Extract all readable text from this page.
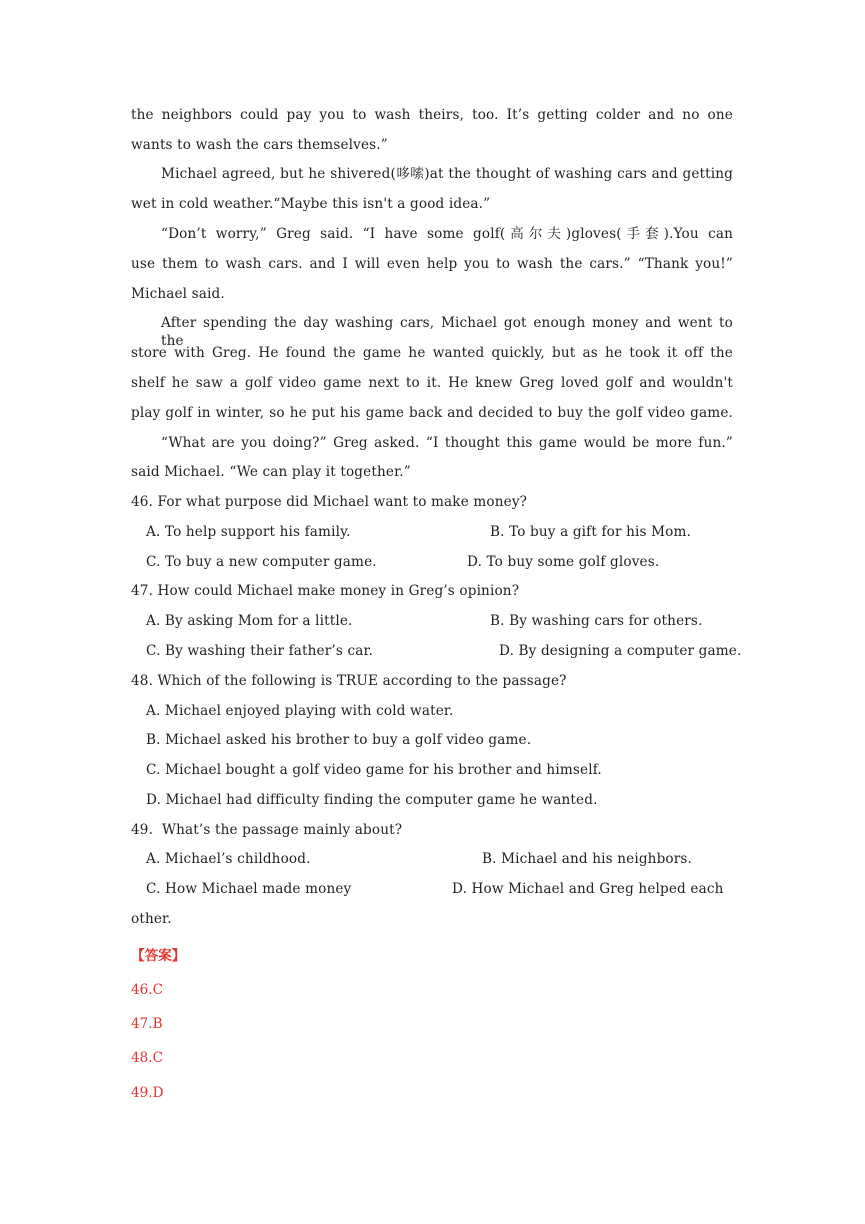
the neighbors could pay you to wash theirs, too. It’s getting colder and no one
wants to wash the cars themselves.”
Michael agreed, but he shivered(哆嗦)at the thought of washing cars and getting
wet in cold weather.“Maybe this isn't a good idea.”
“Don’t worry,” Greg said. “I have some golf(高尔夫)gloves(手套).You can
use them to wash cars. and I will even help you to wash the cars.” “Thank you!”
Michael said.
After spending the day washing cars, Michael got enough money and went to the
store with Greg. He found the game he wanted quickly, but as he took it off the
shelf he saw a golf video game next to it. He knew Greg loved golf and wouldn't
play golf in winter, so he put his game back and decided to buy the golf video game.
“What are you doing?” Greg asked. “I thought this game would be more fun.”
said Michael. “We can play it together.”
46. For what purpose did Michael want to make money?
A. To help support his family.	B. To buy a gift for his Mom.
C. To buy a new computer game.	D. To buy some golf gloves.
47. How could Michael make money in Greg’s opinion?
A. By asking Mom for a little.	B. By washing cars for others.
C. By washing their father’s car.	D. By designing a computer game.
48. Which of the following is TRUE according to the passage?
A. Michael enjoyed playing with cold water.
B. Michael asked his brother to buy a golf video game.
C. Michael bought a golf video game for his brother and himself.
D. Michael had difficulty finding the computer game he wanted.
49.  What’s the passage mainly about?
A. Michael’s childhood.	B. Michael and his neighbors.
C. How Michael made money	D. How Michael and Greg helped each
other.
【答案】
46.C
47.B
48.C
49.D
